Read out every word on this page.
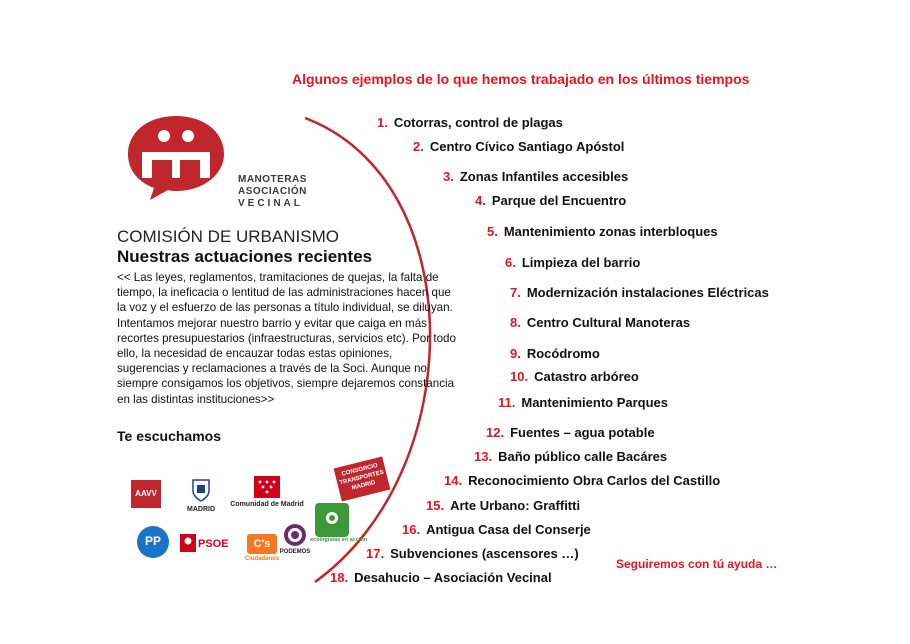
Algunos ejemplos de lo que hemos trabajado en los últimos tiempos
MANOTERAS
ASOCIACIÓN
VECINAL
COMISIÓN DE URBANISMO
Nuestras actuaciones recientes

<< Las leyes, reglamentos, tramitaciones de quejas, la falta de tiempo, la ineficacia o lentitud de las administraciones hacen que la voz y el esfuerzo de las personas a título individual, se diluyan. Intentamos mejorar nuestro barrio y evitar que caiga en más recortes presupuestarios (infraestructuras, servicios etc). Por todo ello, la necesidad de encauzar todas estas opiniones, sugerencias y reclamaciones a través de la Soci. Aunque no siempre consigamos los objetivos, siempre dejaremos constancia en las distintas instituciones>>

Te escuchamos
1. Cotorras, control de plagas
2. Centro Cívico Santiago Apóstol
3. Zonas Infantiles accesibles
4. Parque del Encuentro
5. Mantenimiento zonas interbloques
6. Limpieza del barrio
7. Modernización instalaciones Eléctricas
8. Centro Cultural Manoteras
9. Rocódromo
10. Catastro arbóreo
11. Mantenimiento Parques
12. Fuentes – agua potable
13. Baño público calle Bacáres
14. Reconocimiento Obra Carlos del Castillo
15. Arte Urbano: Graffitti
16. Antigua Casa del Conserje
17. Subvenciones (ascensores …)
18. Desahucio – Asociación Vecinal
Seguiremos con tú ayuda …
AAVV
MADRID
Comunidad de Madrid
CONSORCIO TRANSPORTES MADRID
PP	PSOE	C's
Ciudadanos
PODEMOS
ecologistas en acción
